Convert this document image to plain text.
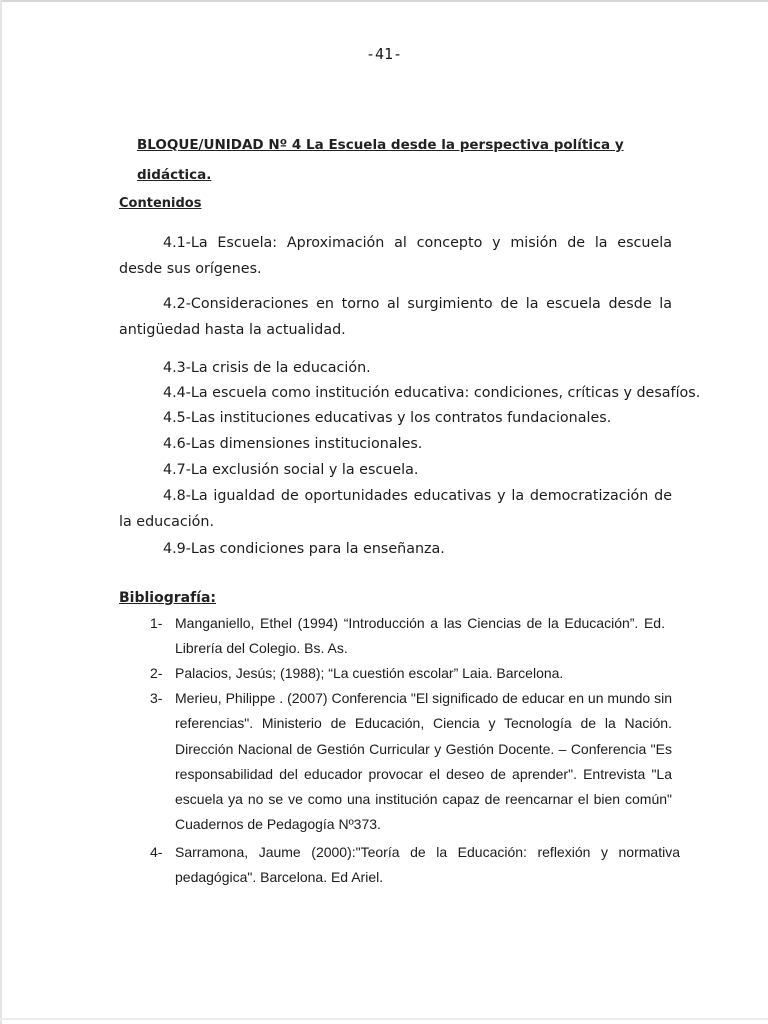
-41-
BLOQUE/UNIDAD Nº 4 La Escuela desde la perspectiva política y didáctica.
Contenidos
4.1-La Escuela: Aproximación al concepto y misión de la escuela desde sus orígenes.
4.2-Consideraciones en torno al surgimiento de la escuela desde la antigüedad hasta la actualidad.
4.3-La crisis de la educación.
4.4-La escuela como institución educativa: condiciones, críticas y desafíos.
4.5-Las instituciones educativas y los contratos fundacionales.
4.6-Las dimensiones institucionales.
4.7-La exclusión social y la escuela.
4.8-La igualdad de oportunidades educativas y la democratización de la educación.
4.9-Las condiciones para la enseñanza.
Bibliografía:
1- Manganiello, Ethel (1994) “Introducción a las Ciencias de la Educación”. Ed. Librería del Colegio. Bs. As.
2- Palacios, Jesús; (1988); “La cuestión escolar” Laia. Barcelona.
3- Merieu, Philippe . (2007) Conferencia "El significado de educar en un mundo sin referencias". Ministerio de Educación, Ciencia y Tecnología de la Nación. Dirección Nacional de Gestión Curricular y Gestión Docente. – Conferencia "Es responsabilidad del educador provocar el deseo de aprender". Entrevista "La escuela ya no se ve como una institución capaz de reencarnar el bien común" Cuadernos de Pedagogía Nº373.
4- Sarramona, Jaume (2000):"Teoría de la Educación: reflexión y normativa pedagógica". Barcelona. Ed Ariel.
